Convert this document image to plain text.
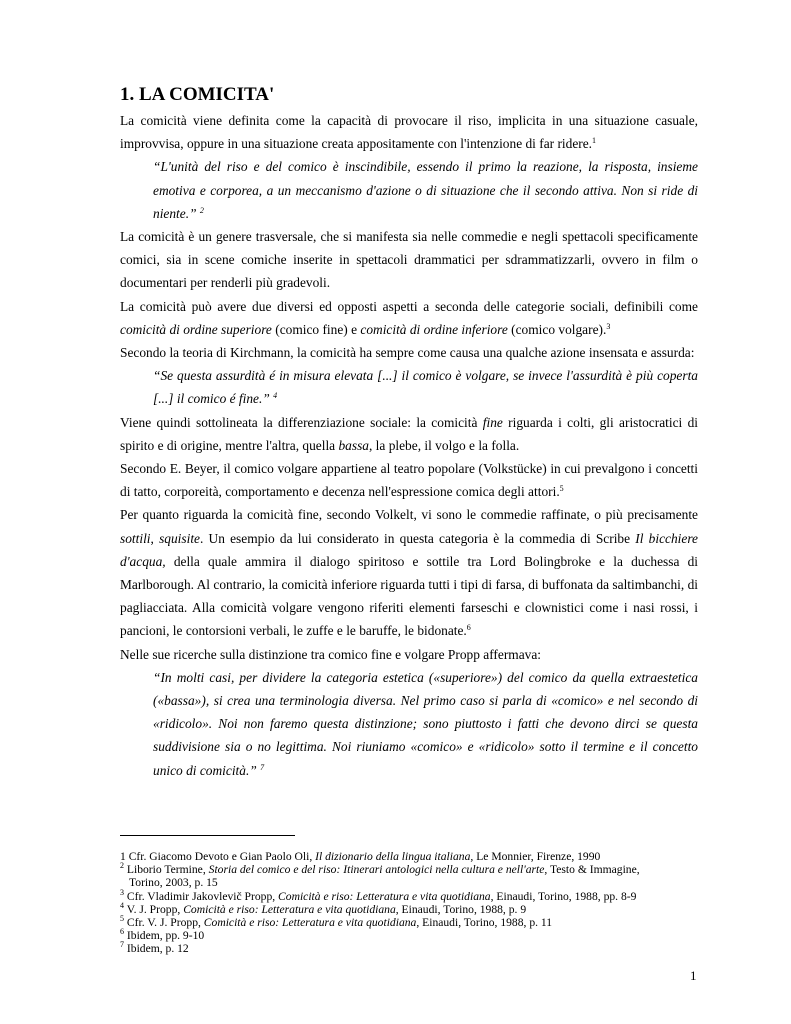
1. LA COMICITA'

La comicità viene definita come la capacità di provocare il riso, implicita in una situazione casuale, improvvisa, oppure in una situazione creata appositamente con l'intenzione di far ridere.$^1$

“L'unità del riso e del comico è inscindibile, essendo il primo la reazione, la risposta, insieme emotiva e corporea, a un meccanismo d'azione o di situazione che il secondo attiva. Non si ride di niente.” $^2$

La comicità è un genere trasversale, che si manifesta sia nelle commedie e negli spettacoli specificamente comici, sia in scene comiche inserite in spettacoli drammatici per sdrammatizzarli, ovvero in film o documentari per renderli più gradevoli.

La comicità può avere due diversi ed opposti aspetti a seconda delle categorie sociali, definibili come comicità di ordine superiore (comico fine) e comicità di ordine inferiore (comico volgare).$^3$

Secondo la teoria di Kirchmann, la comicità ha sempre come causa una qualche azione insensata e assurda:

“Se questa assurdità é in misura elevata [...] il comico è volgare, se invece l'assurdità è più coperta [...] il comico é fine.” $^4$

Viene quindi sottolineata la differenziazione sociale: la comicità fine riguarda i colti, gli aristocratici di spirito e di origine, mentre l'altra, quella bassa, la plebe, il volgo e la folla.

Secondo E. Beyer, il comico volgare appartiene al teatro popolare (Volkstücke) in cui prevalgono i concetti di tatto, corporeità, comportamento e decenza nell'espressione comica degli attori.$^5$

Per quanto riguarda la comicità fine, secondo Volkelt, vi sono le commedie raffinate, o più precisamente sottili, squisite. Un esempio da lui considerato in questa categoria è la commedia di Scribe Il bicchiere d'acqua, della quale ammira il dialogo spiritoso e sottile tra Lord Bolingbroke e la duchessa di Marlborough. Al contrario, la comicità inferiore riguarda tutti i tipi di farsa, di buffonata da saltimbanchi, di pagliacciata. Alla comicità volgare vengono riferiti elementi farseschi e clownistici come i nasi rossi, i pancioni, le contorsioni verbali, le zuffe e le baruffe, le bidonate.$^6$

Nelle sue ricerche sulla distinzione tra comico fine e volgare Propp affermava:

“In molti casi, per dividere la categoria estetica («superiore») del comico da quella extraestetica («bassa»), si crea una terminologia diversa. Nel primo caso si parla di «comico» e nel secondo di «ridicolo». Noi non faremo questa distinzione; sono piuttosto i fatti che devono dirci se questa suddivisione sia o no legittima. Noi riuniamo «comico» e «ridicolo» sotto il termine e il concetto unico di comicità.” $^7$

1 Cfr. Giacomo Devoto e Gian Paolo Oli, Il dizionario della lingua italiana, Le Monnier, Firenze, 1990
$^2$ Liborio Termine, Storia del comico e del riso: Itinerari antologici nella cultura e nell'arte, Testo & Immagine,
Torino, 2003, p. 15
$^3$ Cfr. Vladimir Jakovlevič Propp, Comicità e riso: Letteratura e vita quotidiana, Einaudi, Torino, 1988, pp. 8-9
$^4$ V. J. Propp, Comicità e riso: Letteratura e vita quotidiana, Einaudi, Torino, 1988, p. 9
$^5$ Cfr. V. J. Propp, Comicità e riso: Letteratura e vita quotidiana, Einaudi, Torino, 1988, p. 11
$^6$ Ibidem, pp. 9-10
$^7$ Ibidem, p. 12
1
